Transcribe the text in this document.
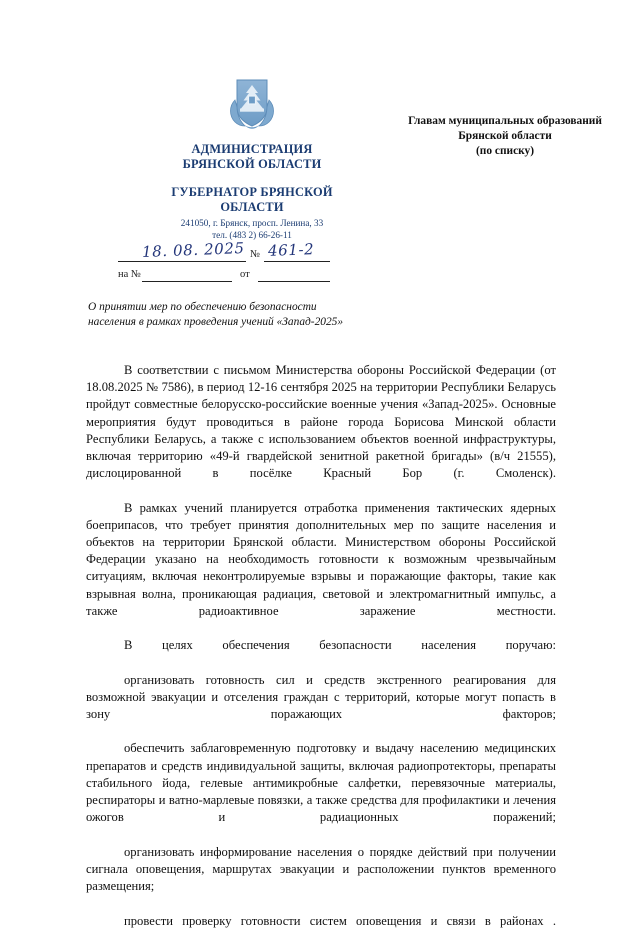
АДМИНИСТРАЦИЯ
БРЯНСКОЙ ОБЛАСТИ
ГУБЕРНАТОР БРЯНСКОЙ
ОБЛАСТИ
241050, г. Брянск, просп. Ленина, 33
тел. (483 2) 66-26-11
18. 08. 2025 № 461-2
на №	от
Главам муниципальных образований
Брянской области
(по списку)
О принятии мер по обеспечению безопасности
населения в рамках проведения учений «Запад-2025»

В соответствии с письмом Министерства обороны Российской Федерации (от 18.08.2025 № 7586), в период 12-16 сентября 2025 на территории Республики Беларусь пройдут совместные белорусско-российские военные учения «Запад-2025». Основные мероприятия будут проводиться в районе города Борисова Минской области Республики Беларусь, а также с использованием объектов военной инфраструктуры, включая территорию «49-й гвардейской зенитной ракетной бригады» (в/ч 21555), дислоцированной в посёлке Красный Бор (г. Смоленск).

В рамках учений планируется отработка применения тактических ядерных боеприпасов, что требует принятия дополнительных мер по защите населения и объектов на территории Брянской области. Министерством обороны Российской Федерации указано на необходимость готовности к возможным чрезвычайным ситуациям, включая неконтролируемые взрывы и поражающие факторы, такие как взрывная волна, проникающая радиация, световой и электромагнитный импульс, а также радиоактивное заражение местности.

В целях обеспечения безопасности населения поручаю:

организовать готовность сил и средств экстренного реагирования для возможной эвакуации и отселения граждан с территорий, которые могут попасть в зону поражающих факторов;

обеспечить заблаговременную подготовку и выдачу населению медицинских препаратов и средств индивидуальной защиты, включая радиопротекторы, препараты стабильного йода, гелевые антимикробные салфетки, перевязочные материалы, респираторы и ватно-марлевые повязки, а также средства для профилактики и лечения ожогов и радиационных поражений;

организовать информирование населения о порядке действий при получении сигнала оповещения, маршрутах эвакуации и расположении пунктов временного размещения;

провести проверку готовности систем оповещения и связи в районах .
